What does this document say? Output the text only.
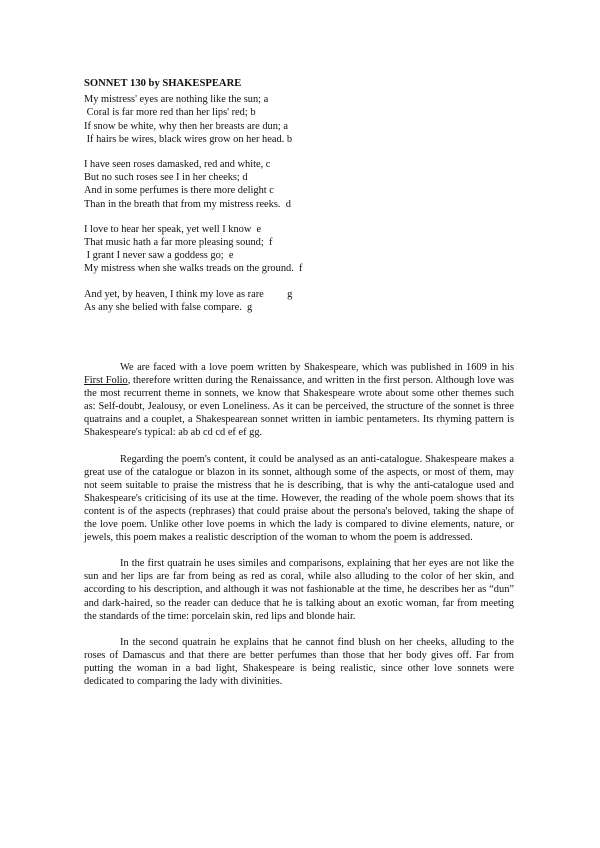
SONNET 130 by SHAKESPEARE
My mistress' eyes are nothing like the sun; a
Coral is far more red than her lips' red; b
If snow be white, why then her breasts are dun; a
If hairs be wires, black wires grow on her head. b
I have seen roses damasked, red and white, c
But no such roses see I in her cheeks; d
And in some perfumes is there more delight c
Than in the breath that from my mistress reeks.  d
I love to hear her speak, yet well I know  e
That music hath a far more pleasing sound;  f
I grant I never saw a goddess go;  e
My mistress when she walks treads on the ground.  f
And yet, by heaven, I think my love as rare         g
As any she belied with false compare.  g

We are faced with a love poem written by Shakespeare, which was published in 1609 in his First Folio, therefore written during the Renaissance, and written in the first person. Although love was the most recurrent theme in sonnets, we know that Shakespeare wrote about some other themes such as: Self-doubt, Jealousy, or even Loneliness. As it can be perceived, the structure of the sonnet is three quatrains and a couplet, a Shakespearean sonnet written in iambic pentameters. Its rhyming pattern is Shakespeare's typical: ab ab cd cd ef ef gg.

Regarding the poem's content, it could be analysed as an anti-catalogue. Shakespeare makes a great use of the catalogue or blazon in its sonnet, although some of the aspects, or most of them, may not seem suitable to praise the mistress that he is describing, that is why the anti-catalogue used and Shakespeare's criticising of its use at the time. However, the reading of the whole poem shows that its content is of the aspects (rephrases) that could praise about the persona's beloved, taking the shape of the love poem. Unlike other love poems in which the lady is compared to divine elements, nature, or jewels, this poem makes a realistic description of the woman to whom the poem is addressed.

In the first quatrain he uses similes and comparisons, explaining that her eyes are not like the sun and her lips are far from being as red as coral, while also alluding to the color of her skin, and according to his description, and although it was not fashionable at the time, he describes her as “dun” and dark-haired, so the reader can deduce that he is talking about an exotic woman, far from meeting the standards of the time: porcelain skin, red lips and blonde hair.

In the second quatrain he explains that he cannot find blush on her cheeks, alluding to the roses of Damascus and that there are better perfumes than those that her body gives off. Far from putting the woman in a bad light, Shakespeare is being realistic, since other love sonnets were dedicated to comparing the lady with divinities.
